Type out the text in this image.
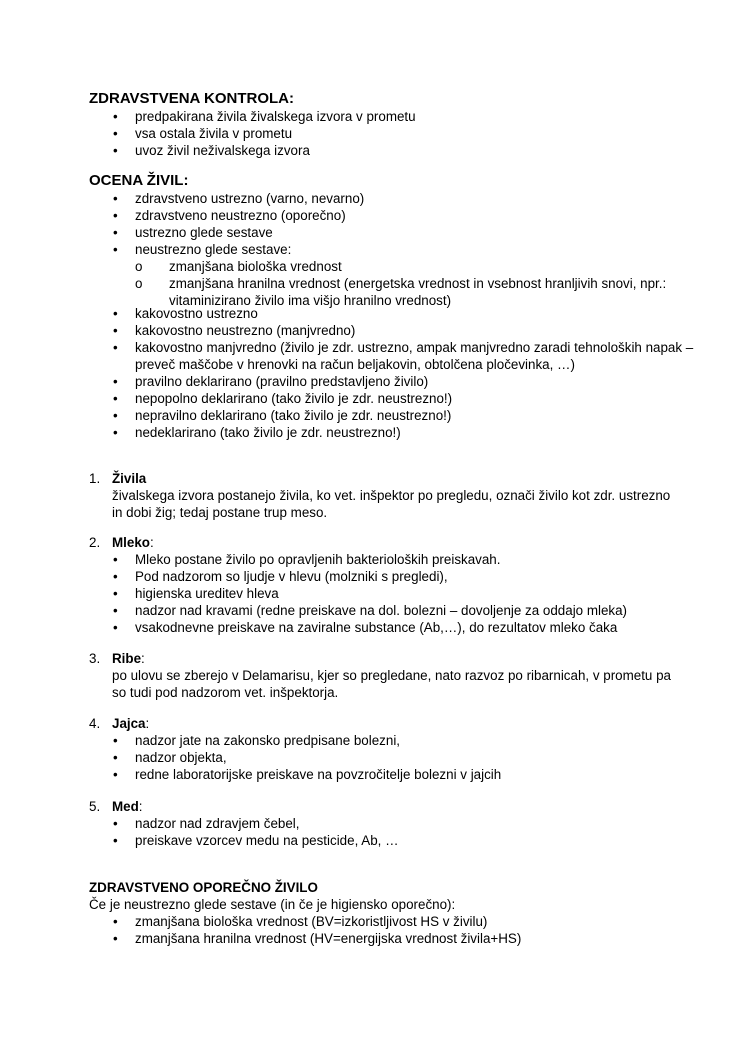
ZDRAVSTVENA KONTROLA:
• predpakirana živila živalskega izvora v prometu
• vsa ostala živila v prometu
• uvoz živil neživalskega izvora
OCENA ŽIVIL:
• zdravstveno ustrezno (varno, nevarno)
• zdravstveno neustrezno (oporečno)
• ustrezno glede sestave
• neustrezno glede sestave:
o zmanjšana biološka vrednost
o zmanjšana hranilna vrednost (energetska vrednost in vsebnost hranljivih snovi, npr.: vitaminizirano živilo ima višjo hranilno vrednost)
• kakovostno ustrezno
• kakovostno neustrezno (manjvredno)
• kakovostno manjvredno (živilo je zdr. ustrezno, ampak manjvredno zaradi tehnoloških napak – preveč maščobe v hrenovki na račun beljakovin, obtolčena pločevinka, …)
• pravilno deklarirano (pravilno predstavljeno živilo)
• nepopolno deklarirano (tako živilo je zdr. neustrezno!)
• nepravilno deklarirano (tako živilo je zdr. neustrezno!)
• nedeklarirano (tako živilo je zdr. neustrezno!)
1. Živila
živalskega izvora postanejo živila, ko vet. inšpektor po pregledu, označi živilo kot zdr. ustrezno in dobi žig; tedaj postane trup meso.
2. Mleko:
• Mleko postane živilo po opravljenih bakterioloških preiskavah.
• Pod nadzorom so ljudje v hlevu (molzniki s pregledi),
• higienska ureditev hleva
• nadzor nad kravami (redne preiskave na dol. bolezni – dovoljenje za oddajo mleka)
• vsakodnevne preiskave na zaviralne substance (Ab,…), do rezultatov mleko čaka
3. Ribe:
po ulovu se zberejo v Delamarisu, kjer so pregledane, nato razvoz po ribarnicah, v prometu pa so tudi pod nadzorom vet. inšpektorja.
4. Jajca:
• nadzor jate na zakonsko predpisane bolezni,
• nadzor objekta,
• redne laboratorijske preiskave na povzročitelje bolezni v jajcih
5. Med:
• nadzor nad zdravjem čebel,
• preiskave vzorcev medu na pesticide, Ab, …
ZDRAVSTVENO OPOREČNO ŽIVILO
Če je neustrezno glede sestave (in če je higiensko oporečno):
• zmanjšana biološka vrednost (BV=izkoristljivost HS v živilu)
• zmanjšana hranilna vrednost (HV=energijska vrednost živila+HS)
